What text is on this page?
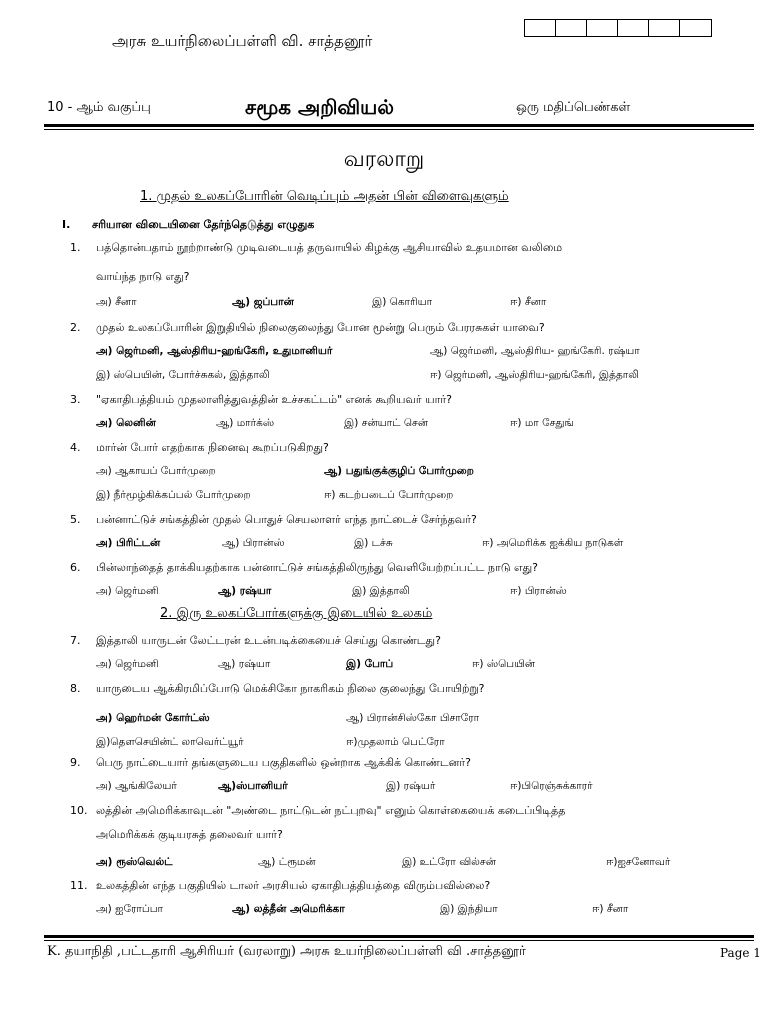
அரசு உயர்நிலைப்பள்ளி வி. சாத்தனூர்
10 - ஆம் வகுப்பு	சமூக அறிவியல்	ஒரு மதிப்பெண்கள்
வரலாறு
1. முதல் உலகப்போரின் வெடிப்பும் அதன் பின் விளைவுகளும்
I. சரியான விடையினை தேர்ந்தெடுத்து எழுதுக
2. இரு உலகப்போர்களுக்கு இடையில் உலகம்
1. பத்தொன்பதாம் நூற்றாண்டு முடிவடையத் தருவாயில் கிழக்கு ஆசியாவில் உதயமான வலிமை
வாய்ந்த நாடு எது?
அ) சீனா	ஆ) ஜப்பான்	இ) கொரியா	ஈ) சீனா
2. முதல் உலகப்போரின் இறுதியில் நிலைகுலைந்து போன மூன்று பெரும் பேரரசுகள் யாவை?
அ) ஜெர்மனி, ஆஸ்திரிய-ஹங்கேரி, உதுமானியர்	ஆ) ஜெர்மனி, ஆஸ்திரிய- ஹங்கேரி. ரஷ்யா
இ) ஸ்பெயின், போர்ச்சுகல், இத்தாலி	ஈ) ஜெர்மனி, ஆஸ்திரிய-ஹங்கேரி, இத்தாலி
3. "ஏகாதிபத்தியம் முதலாளித்துவத்தின் உச்சகட்டம்" எனக் கூறியவர் யார்?
அ) லெனின்	ஆ) மார்க்ஸ்	இ) சன்யாட் சென்	ஈ) மா சேதுங்
4. மார்ன் போர் எதற்காக நினைவு கூறப்படுகிறது?
அ) ஆகாயப் போர்முறை	ஆ) பதுங்குக்குழிப் போர்முறை
இ) நீர்மூழ்கிக்கப்பல் போர்முறை	ஈ) கடற்படைப் போர்முறை
5. பன்னாட்டுச் சங்கத்தின் முதல் பொதுச் செயலாளர் எந்த நாட்டைச் சேர்ந்தவர்?
அ) பிரிட்டன்	ஆ) பிரான்ஸ்	இ) டச்சு	ஈ) அமெரிக்க ஐக்கிய நாடுகள்
6. பின்லாந்தைத் தாக்கியதற்காக பன்னாட்டுச் சங்கத்திலிருந்து வெளியேற்றப்பட்ட நாடு எது?
அ) ஜெர்மனி	ஆ) ரஷ்யா	இ) இத்தாலி	ஈ) பிரான்ஸ்
7. இத்தாலி யாருடன் லேட்டரன் உடன்படிக்கையைச் செய்து கொண்டது?
அ) ஜெர்மனி	ஆ) ரஷ்யா	இ) போப்	ஈ) ஸ்பெயின்
8. யாருடைய ஆக்கிரமிப்போடு மெக்சிகோ நாகரிகம் நிலை குலைந்து போயிற்று?
அ) ஹெர்மன் கோர்ட்ஸ்	ஆ) பிரான்சிஸ்கோ பிசாரோ
இ)தௌசெயின்ட் லாவெர்ட்யூர்	ஈ)முதலாம் பெட்ரோ
9. பெரு நாட்டையார் தங்களுடைய பகுதிகளில் ஒன்றாக ஆக்கிக் கொண்டனர்?
அ) ஆங்கிலேயர்	ஆ)ஸ்பானியர்	இ) ரஷ்யர்	ஈ)பிரெஞ்சுக்காரர்
10. லத்தின் அமெரிக்காவுடன் "அண்டை நாட்டுடன் நட்புறவு" எனும் கொள்கையைக் கடைப்பிடித்த
அமெரிக்கக் குடியரசுத் தலைவர் யார்?
அ) ரூஸ்வெல்ட்	ஆ) ட்ரூமன்	இ) உட்ரோ வில்சன்	ஈ)ஐசனோவர்
11. உலகத்தின் எந்த பகுதியில் டாலர் அரசியல் ஏகாதிபத்தியத்தை விரும்பவில்லை?
அ) ஐரோப்பா	ஆ) லத்தீன் அமெரிக்கா	இ) இந்தியா	ஈ) சீனா
K. தயாநிதி ,பட்டதாரி ஆசிரியர் (வரலாறு) அரசு உயர்நிலைப்பள்ளி வி .சாத்தனூர்	Page 1
